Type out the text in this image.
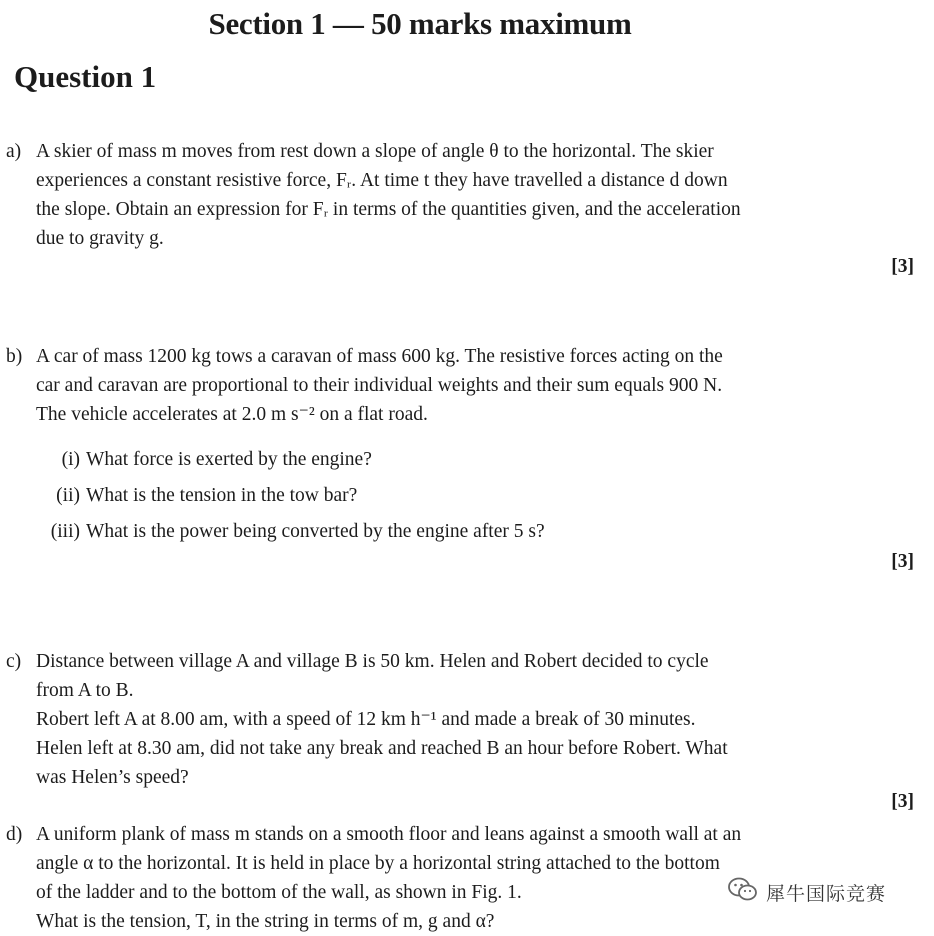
Section 1 — 50 marks maximum
Question 1
a) A skier of mass m moves from rest down a slope of angle θ to the horizontal. The skier
experiences a constant resistive force, Fᵣ. At time t they have travelled a distance d down
the slope. Obtain an expression for Fᵣ in terms of the quantities given, and the acceleration
due to gravity g.
[3]
b) A car of mass 1200 kg tows a caravan of mass 600 kg. The resistive forces acting on the
car and caravan are proportional to their individual weights and their sum equals 900 N.
The vehicle accelerates at 2.0 m s⁻² on a flat road.
(i) What force is exerted by the engine?
(ii) What is the tension in the tow bar?
(iii) What is the power being converted by the engine after 5 s?
[3]
c) Distance between village A and village B is 50 km. Helen and Robert decided to cycle
from A to B.
Robert left A at 8.00 am, with a speed of 12 km h⁻¹ and made a break of 30 minutes.
Helen left at 8.30 am, did not take any break and reached B an hour before Robert. What
was Helen’s speed?
[3]
d) A uniform plank of mass m stands on a smooth floor and leans against a smooth wall at an
angle α to the horizontal. It is held in place by a horizontal string attached to the bottom
of the ladder and to the bottom of the wall, as shown in Fig. 1.
What is the tension, T, in the string in terms of m, g and α?
犀牛国际竞赛
